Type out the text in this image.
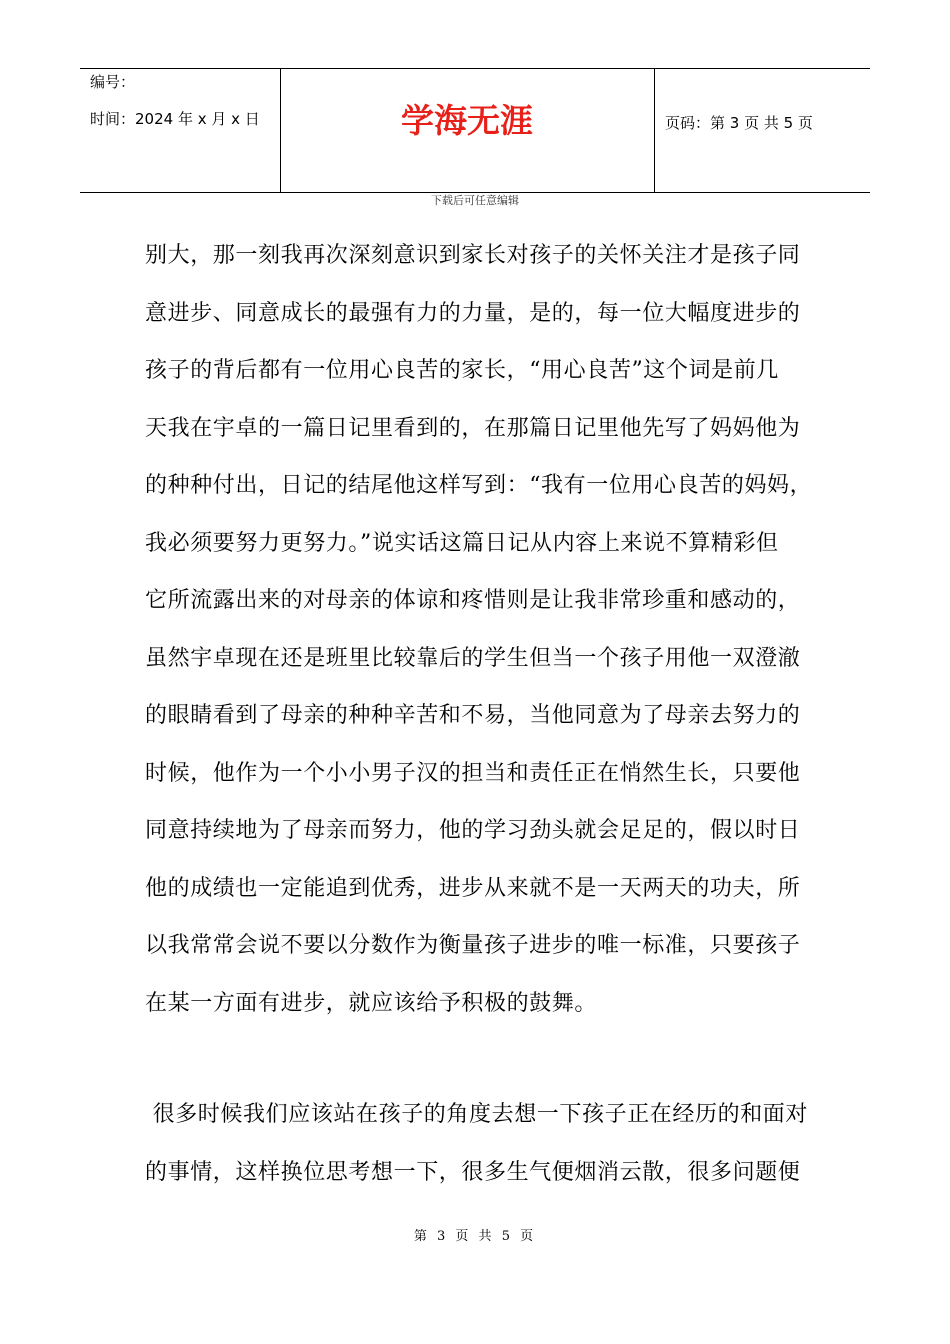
编号：
时间：2024 年 x 月 x 日	学海无涯	页码：第 3 页 共 5 页
下载后可任意编辑
别大，那一刻我再次深刻意识到家长对孩子的关怀关注才是孩子同
意进步、同意成长的最强有力的力量，是的，每一位大幅度进步的
孩子的背后都有一位用心良苦的家长，“用心良苦”这个词是前几
天我在宇卓的一篇日记里看到的，在那篇日记里他先写了妈妈他为
的种种付出，日记的结尾他这样写到：“我有一位用心良苦的妈妈，
我必须要努力更努力。”说实话这篇日记从内容上来说不算精彩但
它所流露出来的对母亲的体谅和疼惜则是让我非常珍重和感动的，
虽然宇卓现在还是班里比较靠后的学生但当一个孩子用他一双澄澈
的眼睛看到了母亲的种种辛苦和不易，当他同意为了母亲去努力的
时候，他作为一个小小男子汉的担当和责任正在悄然生长，只要他
同意持续地为了母亲而努力，他的学习劲头就会足足的，假以时日
他的成绩也一定能追到优秀，进步从来就不是一天两天的功夫，所
以我常常会说不要以分数作为衡量孩子进步的唯一标准，只要孩子
在某一方面有进步，就应该给予积极的鼓舞。
很多时候我们应该站在孩子的角度去想一下孩子正在经历的和面对
的事情，这样换位思考想一下，很多生气便烟消云散，很多问题便
第 3 页 共 5 页
